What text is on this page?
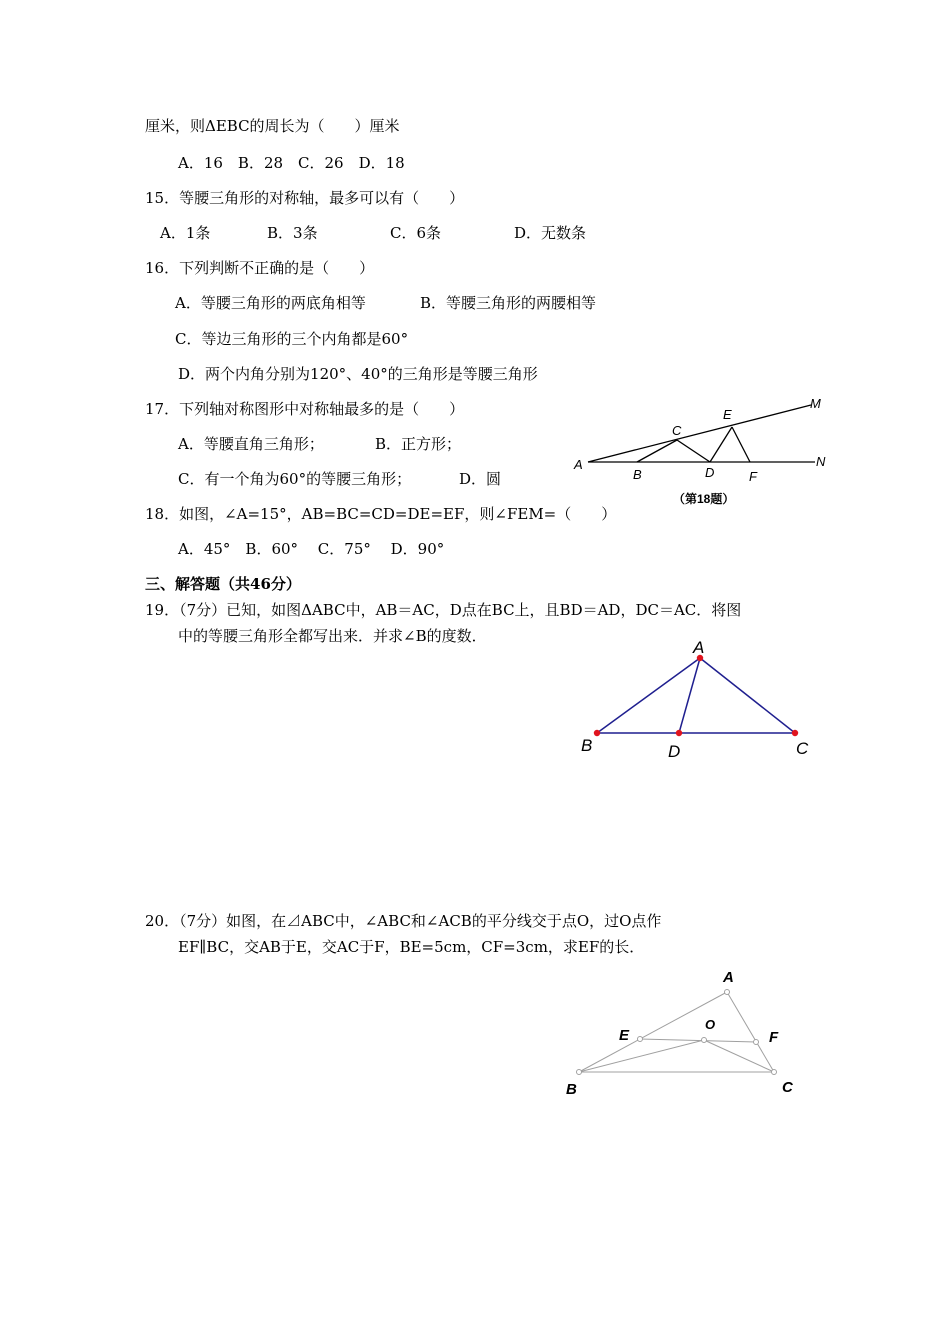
厘米，则ΔEBC的周长为（　　）厘米
A．16　B．28　C．26　D．18
15．等腰三角形的对称轴，最多可以有（　　）
A．1条	B．3条	C．6条	D．无数条
16．下列判断不正确的是（　　）
A．等腰三角形的两底角相等	B．等腰三角形的两腰相等
C．等边三角形的三个内角都是60°
D．两个内角分别为120°、40°的三角形是等腰三角形
17．下列轴对称图形中对称轴最多的是（　　）
A．等腰直角三角形；	B．正方形；
C．有一个角为60°的等腰三角形；	D．圆
18．如图，∠A=15°，AB=BC=CD=DE=EF，则∠FEM=（　　）
A．45°　B．60°　 C．75°　 D．90°
A
B
C
D
E
F
M
N
（第18题）
三、解答题（共46分）
19．（7分）已知，如图ΔABC中，AB＝AC，D点在BC上，且BD＝AD，DC＝AC．将图
中的等腰三角形全都写出来．并求∠B的度数．
A
B	D	C
20．（7分）如图，在⊿ABC中，∠ABC和∠ACB的平分线交于点O，过O点作
EF∥BC，交AB于E，交AC于F，BE=5cm，CF=3cm，求EF的长．
A
E
O
F
B	C
